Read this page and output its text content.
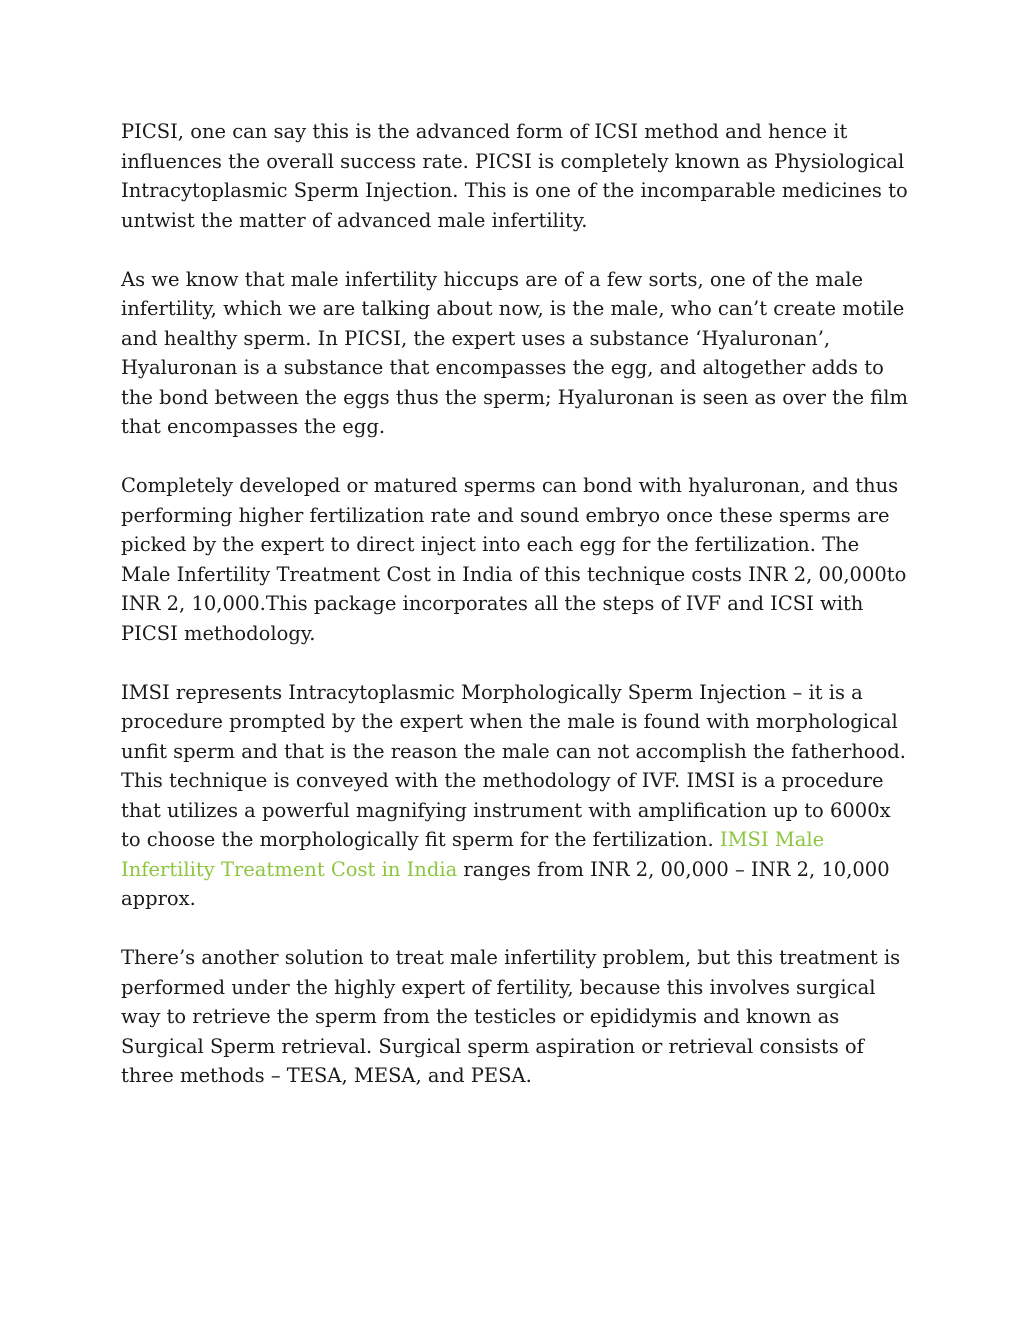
PICSI, one can say this is the advanced form of ICSI method and hence it influences the overall success rate. PICSI is completely known as Physiological Intracytoplasmic Sperm Injection. This is one of the incomparable medicines to untwist the matter of advanced male infertility.

As we know that male infertility hiccups are of a few sorts, one of the male infertility, which we are talking about now, is the male, who can’t create motile and healthy sperm. In PICSI, the expert uses a substance ‘Hyaluronan’, Hyaluronan is a substance that encompasses the egg, and altogether adds to the bond between the eggs thus the sperm; Hyaluronan is seen as over the film that encompasses the egg.

Completely developed or matured sperms can bond with hyaluronan, and thus performing higher fertilization rate and sound embryo once these sperms are picked by the expert to direct inject into each egg for the fertilization. The Male Infertility Treatment Cost in India of this technique costs INR 2, 00,000to INR 2, 10,000.This package incorporates all the steps of IVF and ICSI with PICSI methodology.

IMSI represents Intracytoplasmic Morphologically Sperm Injection – it is a procedure prompted by the expert when the male is found with morphological unfit sperm and that is the reason the male can not accomplish the fatherhood. This technique is conveyed with the methodology of IVF. IMSI is a procedure that utilizes a powerful magnifying instrument with amplification up to 6000x to choose the morphologically fit sperm for the fertilization. IMSI Male Infertility Treatment Cost in India ranges from INR 2, 00,000 – INR 2, 10,000 approx.

There’s another solution to treat male infertility problem, but this treatment is performed under the highly expert of fertility, because this involves surgical way to retrieve the sperm from the testicles or epididymis and known as Surgical Sperm retrieval. Surgical sperm aspiration or retrieval consists of three methods – TESA, MESA, and PESA.
